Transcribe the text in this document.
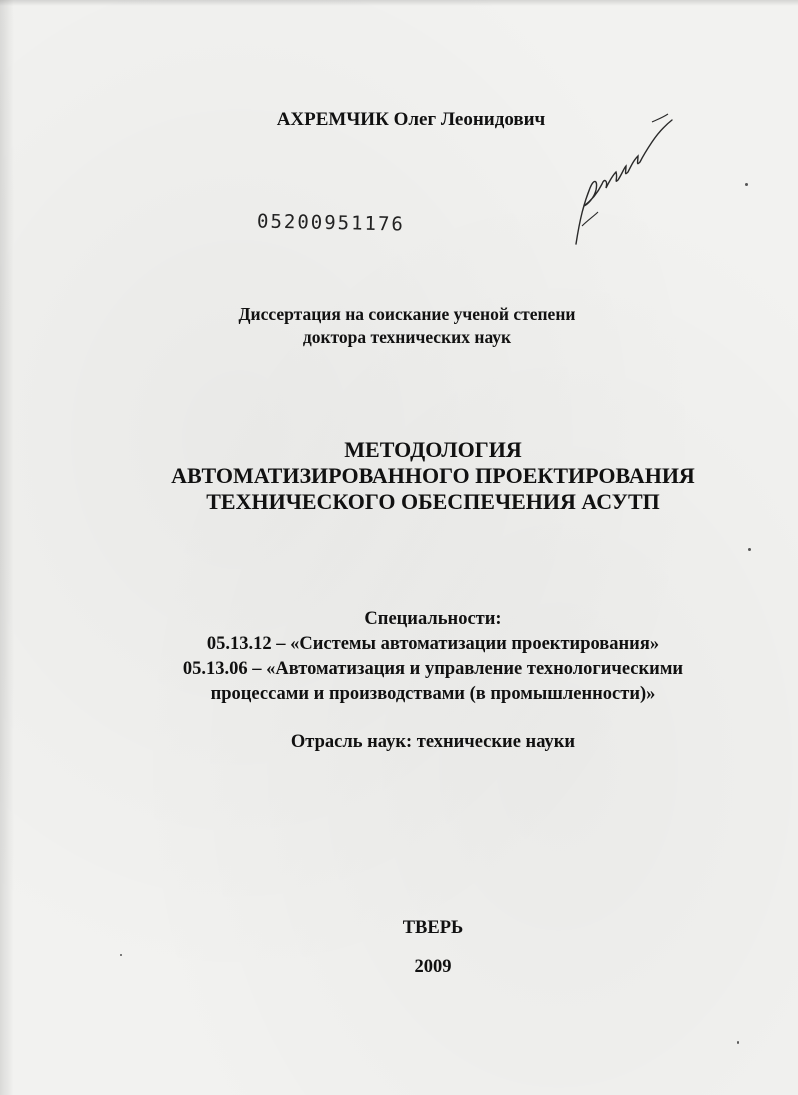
АХРЕМЧИК Олег Леонидович
05200951176
Диссертация на соискание ученой степени
доктора технических наук
МЕТОДОЛОГИЯ
АВТОМАТИЗИРОВАННОГО ПРОЕКТИРОВАНИЯ
ТЕХНИЧЕСКОГО ОБЕСПЕЧЕНИЯ АСУТП
Специальности:
05.13.12 – «Системы автоматизации проектирования»
05.13.06 – «Автоматизация и управление технологическими
процессами и производствами (в промышленности)»
Отрасль наук: технические науки
ТВЕРЬ
2009
